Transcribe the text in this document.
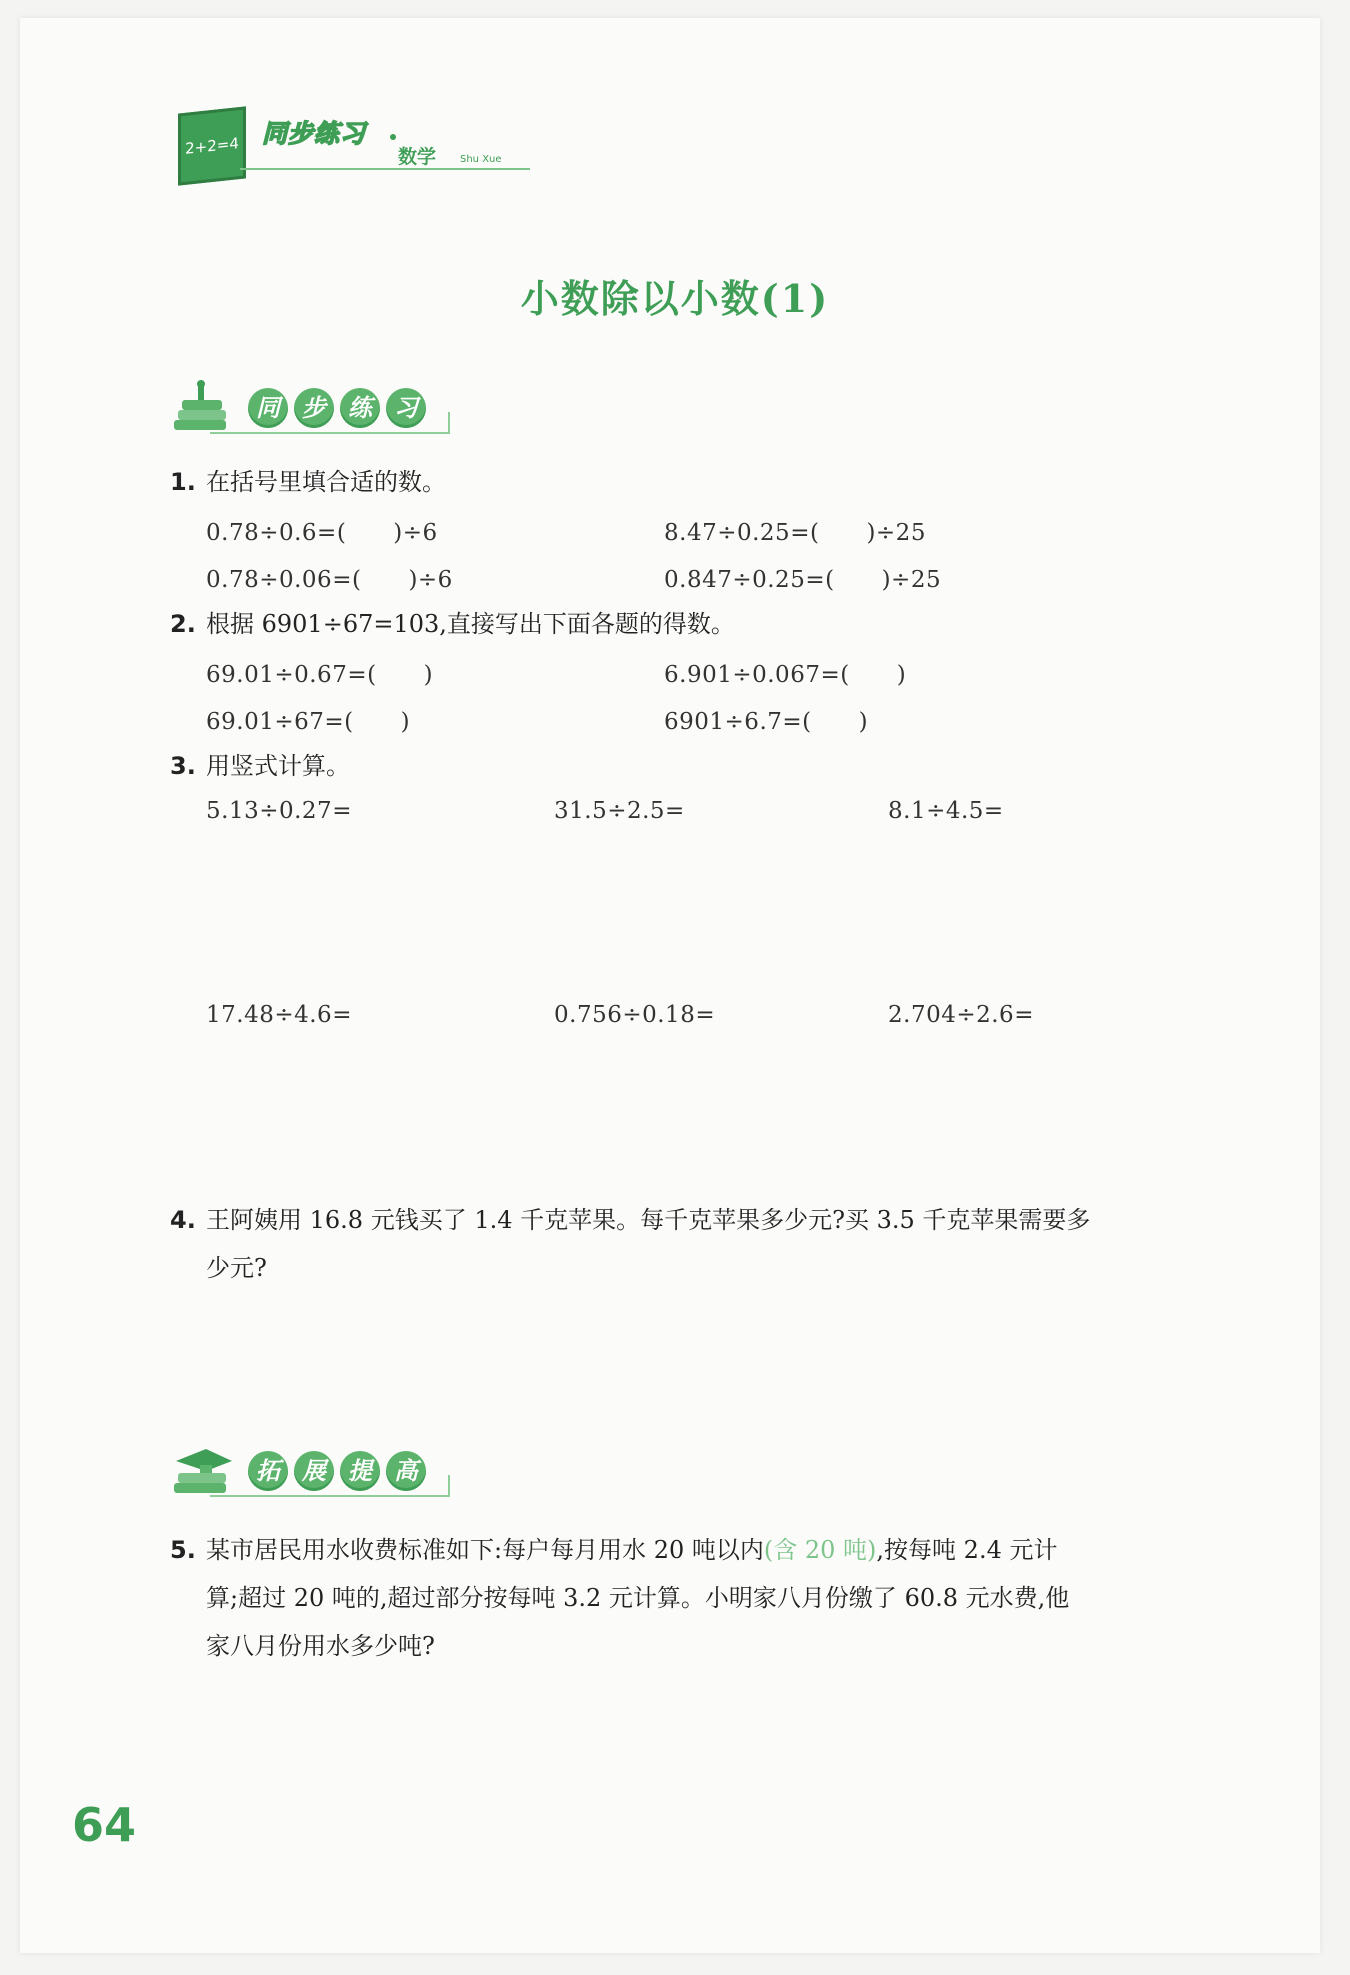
2+2=4 同步练习
数学 Shu Xue
小数除以小数(1)
同 步 练 习
1. 在括号里填合适的数。
0.78÷0.6=(　　)÷6	8.47÷0.25=(　　)÷25
0.78÷0.06=(　　)÷6	0.847÷0.25=(　　)÷25
2. 根据 6901÷67=103,直接写出下面各题的得数。
69.01÷0.67=(　　)	6.901÷0.067=(　　)
69.01÷67=(　　)	6901÷6.7=(　　)
3. 用竖式计算。
5.13÷0.27=	31.5÷2.5=	8.1÷4.5=
17.48÷4.6=	0.756÷0.18=	2.704÷2.6=
4. 王阿姨用 16.8 元钱买了 1.4 千克苹果。每千克苹果多少元?买 3.5 千克苹果需要多
少元?
拓 展 提 高
5. 某市居民用水收费标准如下:每户每月用水 20 吨以内(含 20 吨),按每吨 2.4 元计
算;超过 20 吨的,超过部分按每吨 3.2 元计算。小明家八月份缴了 60.8 元水费,他
家八月份用水多少吨?
64
